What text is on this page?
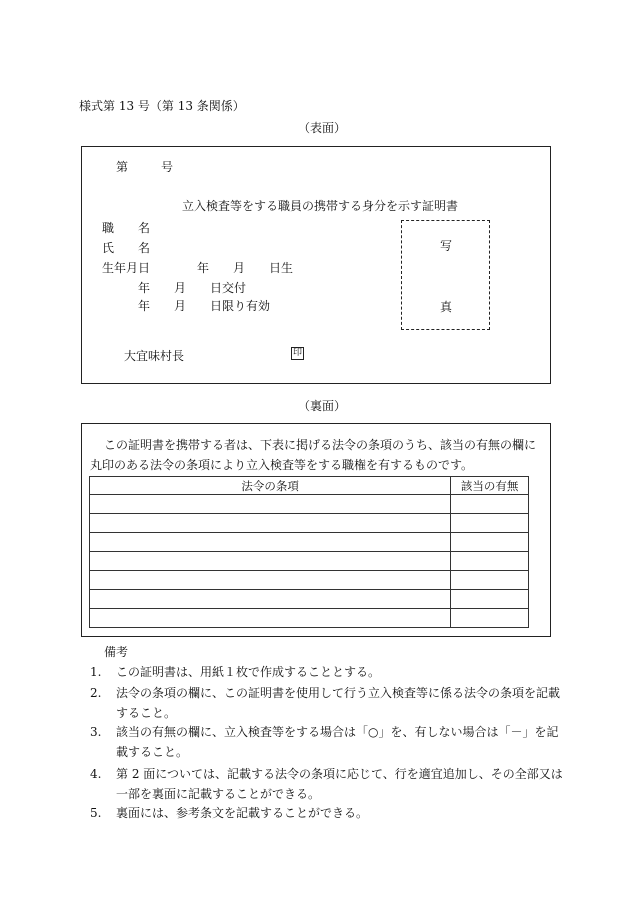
様式第 13 号（第 13 条関係）
（表面）
第	号
立入検査等をする職員の携帯する身分を示す証明書
職　　名
氏　　名
生年月日	年　　月　　日生
年　　月　　日交付
年　　月　　日限り有効
写
真
大宜味村長	印
（裏面）
この証明書を携帯する者は、下表に掲げる法令の条項のうち、該当の有無の欄に
丸印のある法令の条項により立入検査等をする職権を有するものです。
法令の条項	該当の有無

備考
1. この証明書は、用紙１枚で作成することとする。
2. 法令の条項の欄に、この証明書を使用して行う立入検査等に係る法令の条項を記載
すること。
3. 該当の有無の欄に、立入検査等をする場合は「○」を、有しない場合は「－」を記
載すること。
4. 第 2 面については、記載する法令の条項に応じて、行を適宜追加し、その全部又は
一部を裏面に記載することができる。
5. 裏面には、参考条文を記載することができる。
